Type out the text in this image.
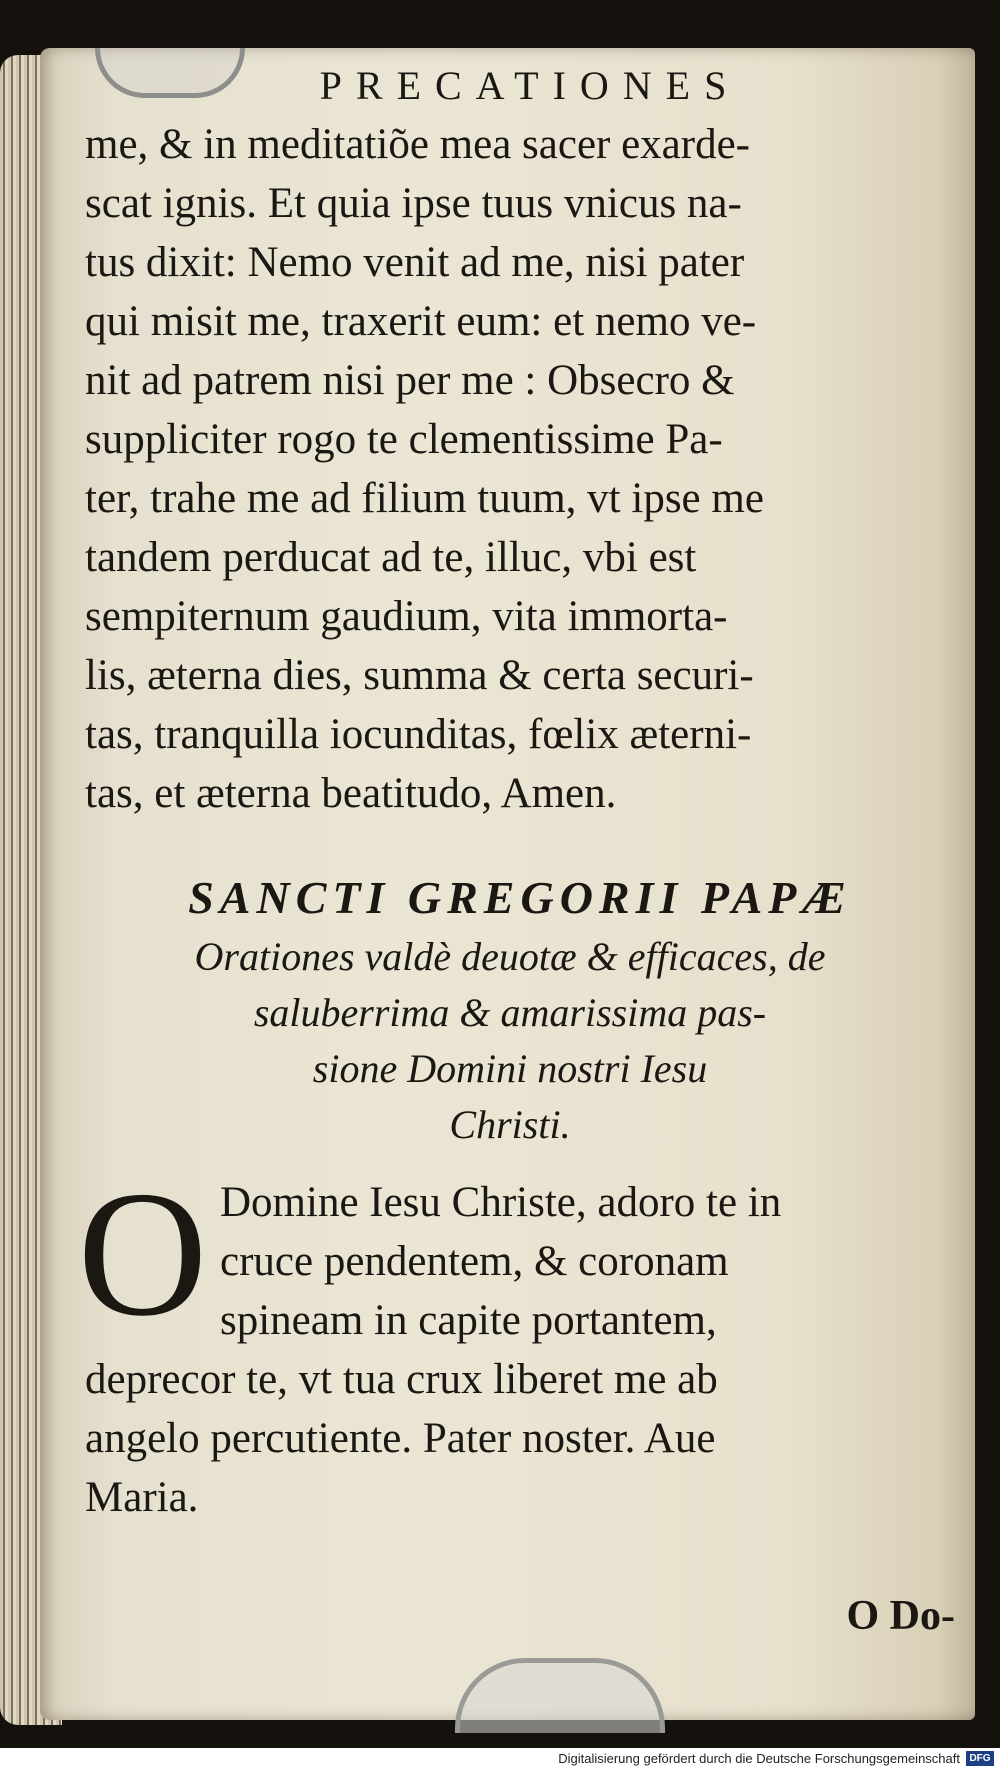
PRECATIONES
me, & in meditatiõe mea sacer exarde-
scat ignis. Et quia ipse tuus vnicus na-
tus dixit: Nemo venit ad me, nisi pater
qui misit me, traxerit eum: et nemo ve-
nit ad patrem nisi per me : Obsecro &
suppliciter rogo te clementissime Pa-
ter, trahe me ad filium tuum, vt ipse me
tandem perducat ad te, illuc, vbi est
sempiternum gaudium, vita immorta-
lis, æterna dies, summa & certa securi-
tas, tranquilla iocunditas, fœlix æterni-
tas, et æterna beatitudo, Amen.
SANCTI GREGORII PAPÆ
Orationes valdè deuotæ & efficaces, de
saluberrima & amarissima pas-
sione Domini nostri Iesu
Christi.
O Domine Iesu Christe, adoro te in
cruce pendentem, & coronam
spineam in capite portantem,
deprecor te, vt tua crux liberet me ab
angelo percutiente. Pater noster. Aue
Maria.
O Do-
Digitalisierung gefördert durch die Deutsche Forschungsgemeinschaft DFG
